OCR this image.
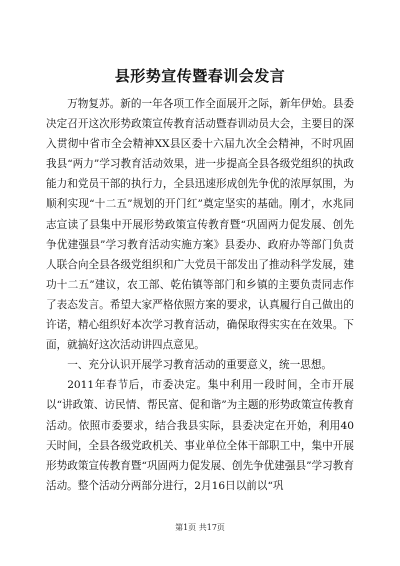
县形势宣传暨春训会发言

万物复苏。新的一年各项工作全面展开之际，新年伊始。县委决定召开这次形势政策宣传教育活动暨春训动员大会，主要目的深入贯彻中省市全会精神XX县区委十六届九次全会精神，不时巩固我县“两力”学习教育活动效果，进一步提高全县各级党组织的执政能力和党员干部的执行力，全县迅速形成创先争优的浓厚氛围，为顺利实现“十二五”规划的开门红”奠定坚实的基础。刚才，水兆同志宣读了县集中开展形势政策宣传教育暨“巩固两力促发展、创先争优建强县”学习教育活动实施方案》县委办、政府办等部门负责人联合向全县各级党组织和广大党员干部发出了推动科学发展，建功十二五”建议，农工部、乾佑镇等部门和乡镇的主要负责同志作了表态发言。希望大家严格依照方案的要求，认真履行自己做出的许诺，精心组织好本次学习教育活动，确保取得实实在在效果。下面，就搞好这次活动讲四点意见。

一、充分认识开展学习教育活动的重要意义，统一思想。

2011年春节后，市委决定。集中利用一段时间，全市开展以“讲政策、访民情、帮民富、促和谐”为主题的形势政策宣传教育活动。依照市委要求，结合我县实际，县委决定在开始，利用40天时间，全县各级党政机关、事业单位全体干部职工中，集中开展形势政策宣传教育暨“巩固两力促发展、创先争优建强县”学习教育活动。整个活动分两部分进行，2月16日以前以“巩

第1页 共17页
